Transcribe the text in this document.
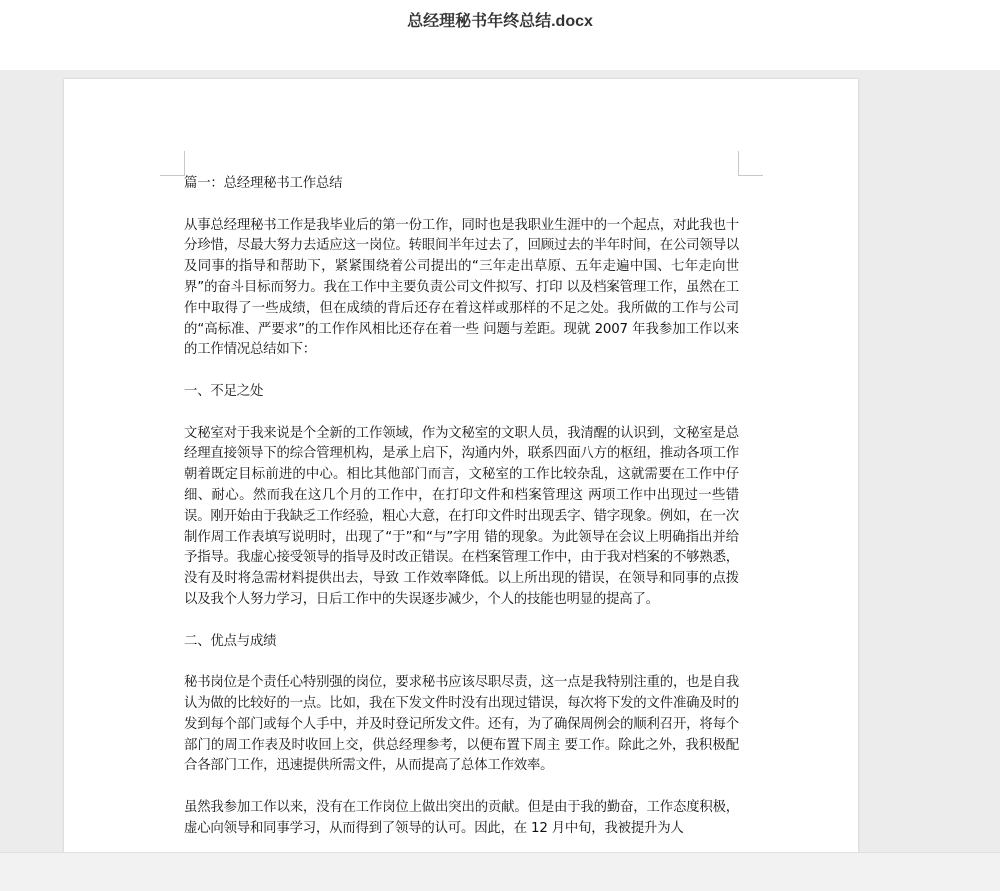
总经理秘书年终总结.docx

篇一：总经理秘书工作总结

从事总经理秘书工作是我毕业后的第一份工作，同时也是我职业生涯中的一个起点，对此我也十分珍惜，尽最大努力去适应这一岗位。转眼间半年过去了，回顾过去的半年时间，在公司领导以及同事的指导和帮助下，紧紧围绕着公司提出的“三年走出草原、五年走遍中国、七年走向世界”的奋斗目标而努力。我在工作中主要负责公司文件拟写、打印 以及档案管理工作，虽然在工作中取得了一些成绩，但在成绩的背后还存在着这样或那样的不足之处。我所做的工作与公司的“高标准、严要求”的工作作风相比还存在着一些 问题与差距。现就 2007 年我参加工作以来的工作情况总结如下：

一、不足之处

文秘室对于我来说是个全新的工作领域，作为文秘室的文职人员，我清醒的认识到，文秘室是总经理直接领导下的综合管理机构，是承上启下，沟通内外，联系四面八方的枢纽，推动各项工作朝着既定目标前进的中心。相比其他部门而言，文秘室的工作比较杂乱，这就需要在工作中仔细、耐心。然而我在这几个月的工作中，在打印文件和档案管理这 两项工作中出现过一些错误。刚开始由于我缺乏工作经验，粗心大意，在打印文件时出现丢字、错字现象。例如，在一次制作周工作表填写说明时，出现了“于”和“与”字用 错的现象。为此领导在会议上明确指出并给予指导。我虚心接受领导的指导及时改正错误。在档案管理工作中，由于我对档案的不够熟悉，没有及时将急需材料提供出去，导致 工作效率降低。以上所出现的错误，在领导和同事的点拨以及我个人努力学习，日后工作中的失误逐步减少，个人的技能也明显的提高了。

二、优点与成绩

秘书岗位是个责任心特别强的岗位，要求秘书应该尽职尽责，这一点是我特别注重的，也是自我认为做的比较好的一点。比如，我在下发文件时没有出现过错误，每次将下发的文件准确及时的发到每个部门或每个人手中，并及时登记所发文件。还有，为了确保周例会的顺利召开，将每个部门的周工作表及时收回上交，供总经理参考，以便布置下周主 要工作。除此之外，我积极配合各部门工作，迅速提供所需文件，从而提高了总体工作效率。

虽然我参加工作以来，没有在工作岗位上做出突出的贡献。但是由于我的勤奋，工作态度积极，虚心向领导和同事学习，从而得到了领导的认可。因此，在 12 月中旬，我被提升为人
